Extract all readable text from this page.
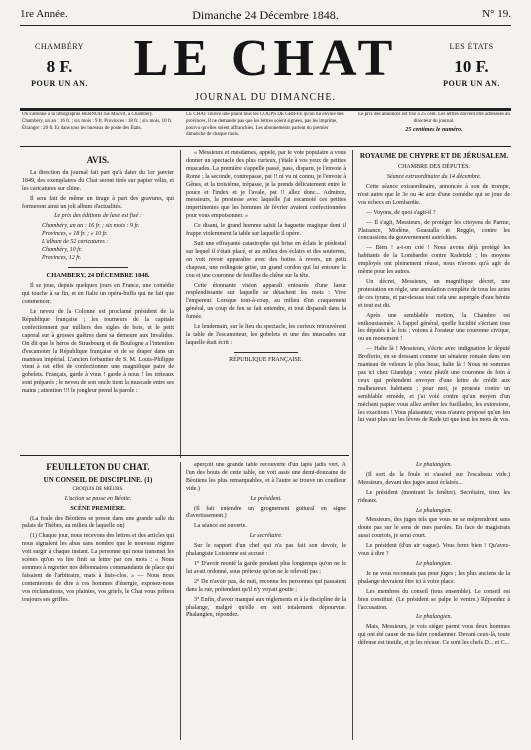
1re Année.	Dimanche 24 Décembre 1848.	N° 19.
CHAMBÉRY
8 F.
POUR UN AN. LE CHAT
JOURNAL DU DIMANCHE.
LES ÉTATS
10 F.
POUR UN AN.
On s'abonne à la lithographie BERNOD rue Macvrt, à Chambéry. Chambéry, un an : 16 fr. ; six mois : 9 fr. Provinces : 18 fr. ; six mois, 10 fr. Étranger : 20 fr. Et dans tous les bureaux de poste des États.
LE CHAT couvre une plaint tous les COUPS DE GRIFFE qu'on lui envoie des provinces. Il ne demande pas que les lettres soient signées, pas les imprime, pourvu qu'elles soient affranchies. Les abonnements partent du premier dimanche de chaque mois.
Le prix des annonces est fixé à 25 cent. Les lettres doivent être adressées au directeur du journal.
25 centimes le numéro.
AVIS.

La direction du journal fait part qu'à dater du 1er janvier 1849, des exemplaires du Chat seront tirés sur papier vélin, et les caricatures sur chine.

Il sera fait de même un tirage à part des gravures, qui formeront ainsi un joli album d'actualités.

Le prix des éditions de luxe est fixé :

Chambéry, un an : 16 fr. ; six mois : 9 fr.

Provinces, « 18 fr. ; « 10 fr.

L'album de 52 caricatures :

Chambéry, 10 fr.

Provinces, 12 fr.

CHAMBERY, 24 DÉCEMBRE 1848.

Il se joue, depuis quelques jours en France, une comédie qui touche à sa fin, et en Italie un opéra-buffa qui ne fait que commencer.

Le neveu de la Colonne est proclamé président de la République française ; les tourneurs de la capitale confectionnent par milliers des sigles de bois, et le petit caporal sur à grosses guêtres dans sa demeure aux Invalides. On dit que le héros de Strasbourg et de Boulogne a l'intention d'escamoter la République française et de se draper dans un manteau impérial. L'ancien forbantier de S. M. Louis-Philippe vient à cet effet de confectionner une magnifique paire de gobelets. Français, garde à vous ! garde à nous ! les tréteaux sont préparés ; le neveu de son oncle tient la muscade entre ses mains ; attention !!! le jongleur prend la parole :

« Messieurs et mesdames, appelé, par le vote populaire à vous donner un spectacle des plus curieux, j'étale à vos yeux de petites muscades. La première s'appelle passé, pass, disparu, je l'envoie à Rome ; la seconde, contrepasse, pst !! ni vu ni connu, je l'envoie à Gênes, et la troisième, trépasse, je la prends délicatement entre le pouce et l'index et je l'avale, pst !! allez donc... Admirez, messieurs, la prestesse avec laquelle j'ai escamoté ces petites impertinentes que les hommes de février avaient confectionnées pour vous empoisonner. »

Ce disant, le grand homme saisit la baguette magique dont il frappe violemment la table sur laquelle il opère.

Suit une effrayante catastrophe qui brise en éclats le piédestal sur lequel il s'était placé, et au milieu des éclairs et des souterres, on voit revoir apparaître avec des bottes à revers, un petit chapeau, une redingote grise, un grand cordon qui lui entoure le cou et une couronne de feuilles de chêne sur la tête.

Cette étonnante vision apparaît entourée d'une lueur resplendissante sur laquelle se détachent les mots : Vive l'empereur. Lorsque tout-à-coup, au milieu d'un craquement général, un coup de feu se fait entendre, et tout disparaît dans la fumée.

Le lendemain, sur le lieu du spectacle, les curieux retrouvèrent la table de l'escamoteur, les gobelets et une des muscades sur laquelle était écrit :

RÉPUBLIQUE FRANÇAISE.

ROYAUME DE CHYPRE ET DE JÉRUSALEM.

CHAMBRE DES DÉPUTÉS.

Séance extraordinaire du 14 décembre.

Cette séance extraordinaire, annoncée à son de trompe, n'est autre que le 3e ou 4e acte d'une comédie qui se joue de vos échecs en Lombardie.

— Voyons, de quoi s'agit-il ?

— Il s'agit, Messieurs, de protéger les citoyens de Parme, Plaisance, Modène, Guastalla et Reggio, contre les concussions du gouvernement autrichien.

— Bien ! a-t-on crié ! Nous avons déjà protégé les habitants de la Lombardie contre Radetzki ; les moyens employés ont pleinement réussi, nous n'avons qu'à agir de même pour les autres.

Un décret, Messieurs, un magnifique décret, une protestation en règle, une annulation complète de tous les actes de ces tyrans, et par-dessus tout cela une aspergée d'eau bénite et tout est dit.

Après une semblable motion, la Chambre est enthousiasmée. A l'appel général, quelle lucidité s'écriant tous les députés à la fois ; votons à l'orateur une couronne civique, ou un monument !

— Halte là ! Messieurs, s'écrie avec indignation le député Brofferio, en se dressant comme un sénateur romain dans son manteau de velours le plus beau, halte là ! Nous ne sommes pas ici chez Gianduja ; votez plutôt une couronne de foin à ceux qui prétendent envoyer d'une lettre de crédit aux malheureux habitants ; pour moi, je proteste contre un semblable remède, et j'ai voté contre qu'un moyen d'un méchant papier vous allez arrêter les fusillades, les extorsions, les exactions ! Vous plaisantez, vous n'aurez proposé qu'un feu lui vaut plus sur les lèvres de Rade tzi que tout les mots de vos.

FEUILLETON DU CHAT.

UN CONSEIL DE DISCIPLINE. (1)

CROQUIS DE MŒURS.

L'action se passe en Béotie.

SCÈNE PREMIÈRE.

(La foule des Béotiens se presse dans une grande salle du palais de Thèbes, au milieu de laquelle on)

(1) Chaque jour, nous recevons des lettres et des articles qui nous signalent les abus sans nombre que le nouveau régime voit surgir à chaque instant. La personne qui nous transmet les scènes qu'on va lire finit sa lettre par ces mots : « Nous sommes à regretter nos débonnaires commandants de place qui faisaient de l'arbitraire, mais à huis-clos. » — Nous nous contenterons de dire à ces hommes d'énergie, exposez-nous vos réclamations, vos plaintes, vos griefs, le Chat vous prêtera toujours ses griffes.

aperçoit une grande table recouverte d'un tapis jadis vert. A l'un des bouts de cette table, on voit assis une demi-douzaine de Béotiens les plus remarquables, et à l'autre se trouve un coudieur vide.)

Le président.

(Il fait entendre un grognement guttural en signe d'avertissement.)

La séance est ouverte.

Le secrétaire.

Sur le rapport d'un chef qui n'a pas fait son devoir, le phalangiste Loisienne est accusé :

1° D'avoir monté la garde pendant plus longtemps qu'on ne le lui avait ordonné, sous prétexte qu'on ne le relevait pas ;

2° De n'avoir pas, de nuit, reconnu les personnes qui passaient dans la rue, prétendant qu'il n'y voyait goutte ;

3° Enfin, d'avoir manqué aux règlements et à la discipline de la phalange, malgré qu'elle en soit totalement dépourvue. Phalangien, répondez.

Le phalangien.

(Il sort de la foule et s'assied sur l'escabeau vide.) Messieurs, devant des juges aussi éclairés...

Le président (montrant la fenêtre). Secrétaire, tirez les rideaux.

Le phalangien.

Messieurs, des juges tels que vous ne se méprendront sans doute pas sur le sens de mes paroles. En face de magistrats aussi courtois, je serai court.

Le président (d'un air vague). Vous ferez bien ! Qu'avez-vous à dire ?

Le phalangien.

Je ne vous reconnais pas pour juges ; les plus anciens de la phalange devraient être ici à votre place.

Les membres du conseil (tous ensemble). Le conseil est bien constitué. (Le président se palpe le ventre.) Répondez à l'accusation.

Le phalangien.

Mais, Messieurs, je vois siéger parmi vous deux hommes qui ont été cause de ma faire condamner. Devant ceux-là, toute défense est inutile, et je les récuse. Ce sont les chefs D... et C...
